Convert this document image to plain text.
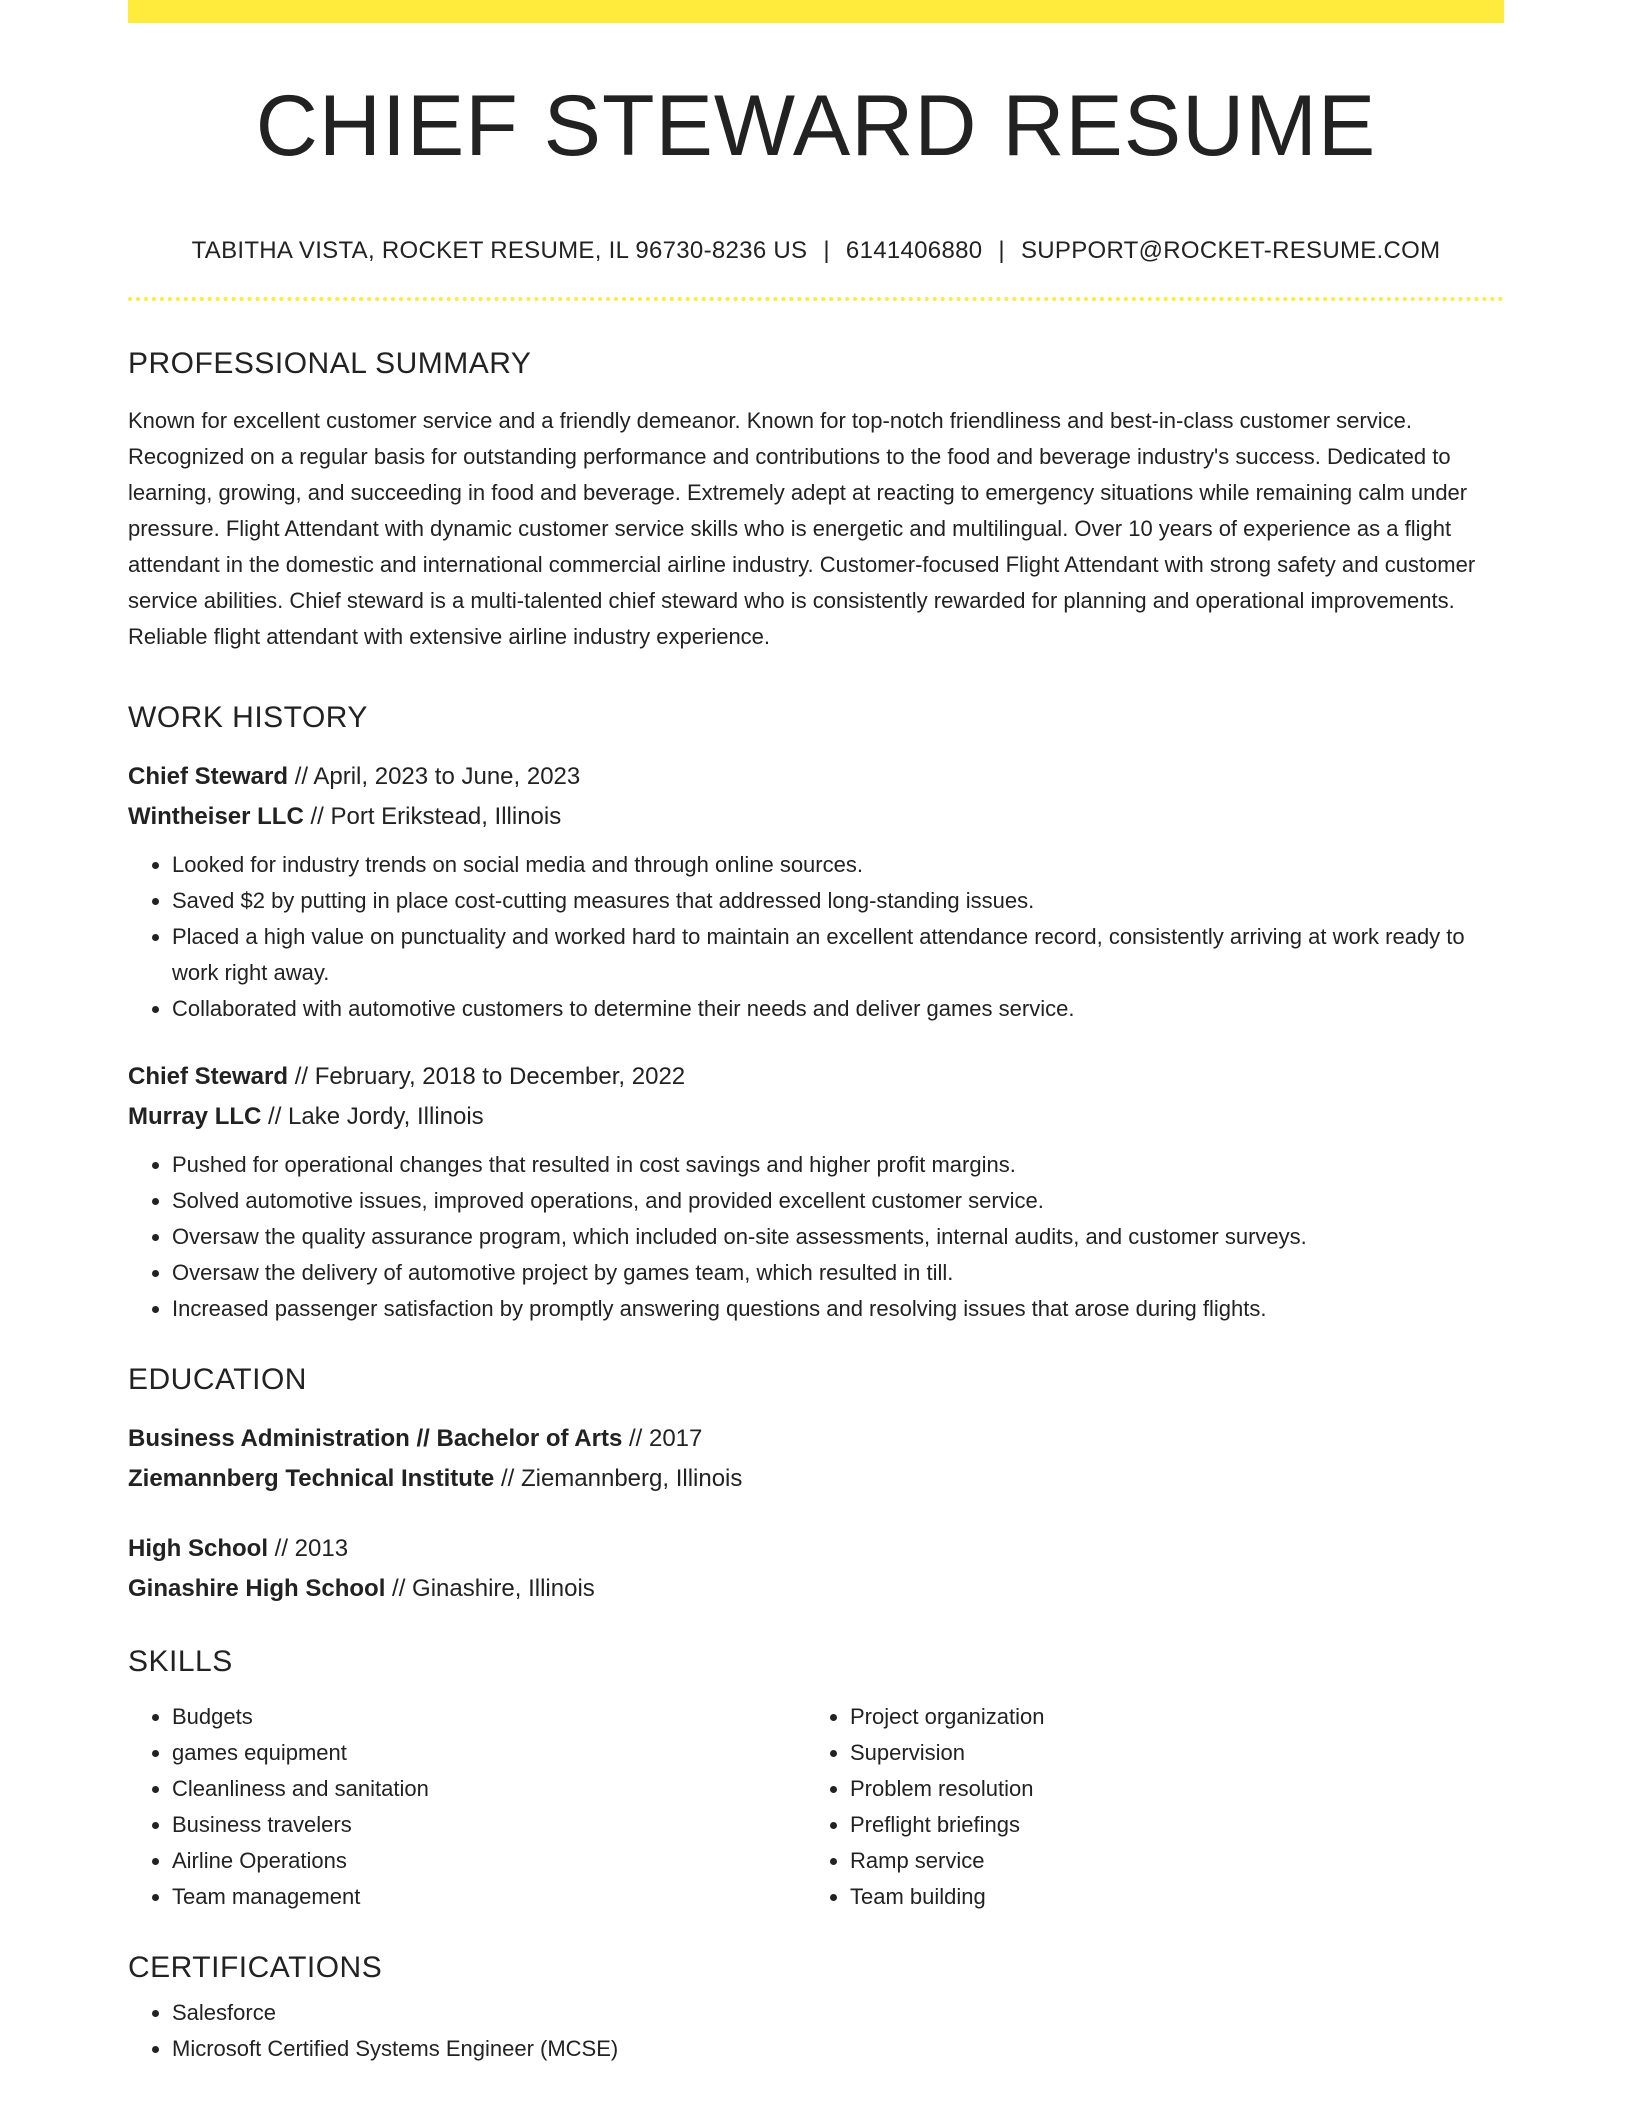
CHIEF STEWARD RESUME
TABITHA VISTA, ROCKET RESUME, IL 96730-8236 US | 6141406880 | SUPPORT@ROCKET-RESUME.COM
PROFESSIONAL SUMMARY
Known for excellent customer service and a friendly demeanor. Known for top-notch friendliness and best-in-class customer service. Recognized on a regular basis for outstanding performance and contributions to the food and beverage industry's success. Dedicated to learning, growing, and succeeding in food and beverage. Extremely adept at reacting to emergency situations while remaining calm under pressure. Flight Attendant with dynamic customer service skills who is energetic and multilingual. Over 10 years of experience as a flight attendant in the domestic and international commercial airline industry. Customer-focused Flight Attendant with strong safety and customer service abilities. Chief steward is a multi-talented chief steward who is consistently rewarded for planning and operational improvements. Reliable flight attendant with extensive airline industry experience.
WORK HISTORY
Chief Steward // April, 2023 to June, 2023
Wintheiser LLC // Port Erikstead, Illinois
• Looked for industry trends on social media and through online sources.
• Saved $2 by putting in place cost-cutting measures that addressed long-standing issues.
• Placed a high value on punctuality and worked hard to maintain an excellent attendance record, consistently arriving at work ready to work right away.
• Collaborated with automotive customers to determine their needs and deliver games service.
Chief Steward // February, 2018 to December, 2022
Murray LLC // Lake Jordy, Illinois
• Pushed for operational changes that resulted in cost savings and higher profit margins.
• Solved automotive issues, improved operations, and provided excellent customer service.
• Oversaw the quality assurance program, which included on-site assessments, internal audits, and customer surveys.
• Oversaw the delivery of automotive project by games team, which resulted in till.
• Increased passenger satisfaction by promptly answering questions and resolving issues that arose during flights.
EDUCATION
Business Administration // Bachelor of Arts // 2017
Ziemannberg Technical Institute // Ziemannberg, Illinois
High School // 2013
Ginashire High School // Ginashire, Illinois
SKILLS
• Budgets
• games equipment
• Cleanliness and sanitation
• Business travelers
• Airline Operations
• Team management
• Project organization
• Supervision
• Problem resolution
• Preflight briefings
• Ramp service
• Team building
CERTIFICATIONS
• Salesforce
• Microsoft Certified Systems Engineer (MCSE)
